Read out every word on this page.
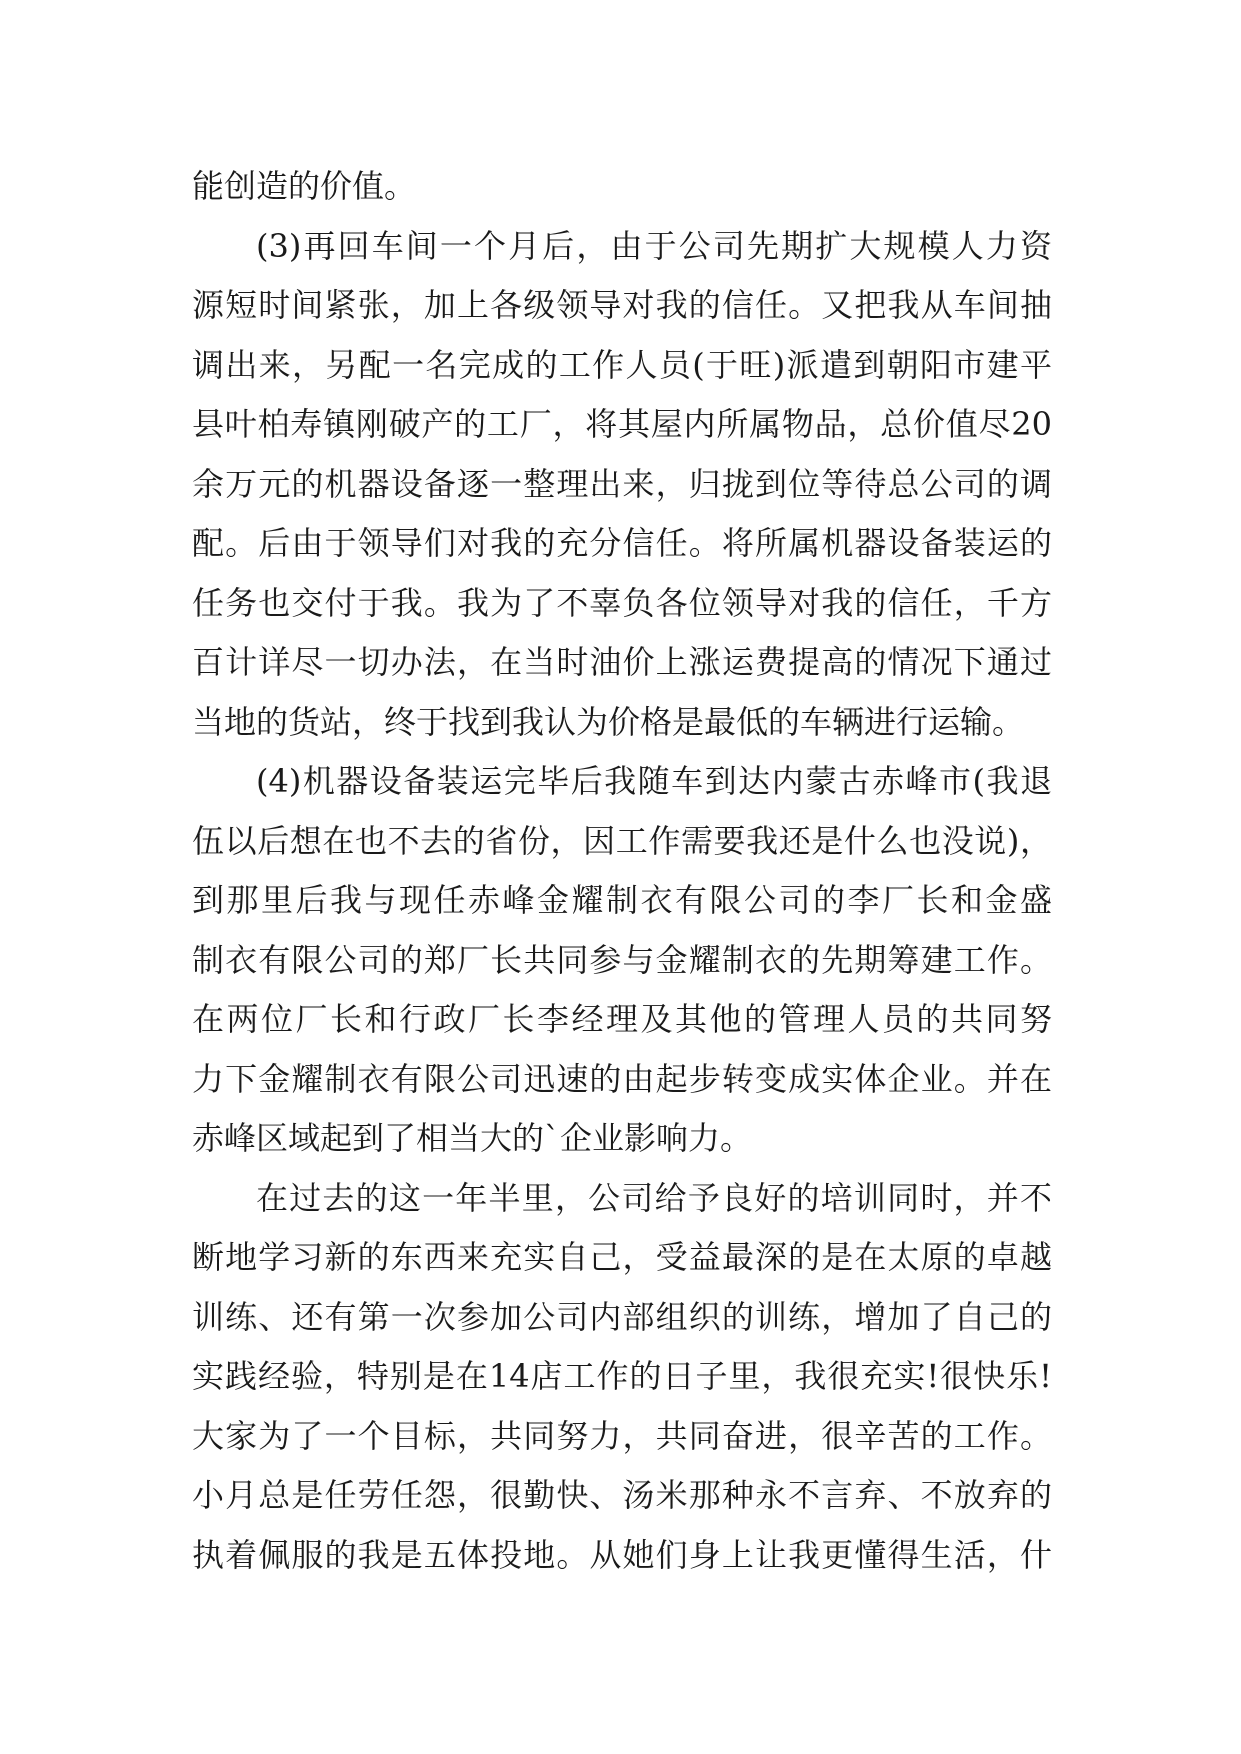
能创造的价值。
(3)再回车间一个月后，由于公司先期扩大规模人力资
源短时间紧张，加上各级领导对我的信任。又把我从车间抽
调出来，另配一名完成的工作人员(于旺)派遣到朝阳市建平
县叶柏寿镇刚破产的工厂，将其屋内所属物品，总价值尽20
余万元的机器设备逐一整理出来，归拢到位等待总公司的调
配。后由于领导们对我的充分信任。将所属机器设备装运的
任务也交付于我。我为了不辜负各位领导对我的信任，千方
百计详尽一切办法，在当时油价上涨运费提高的情况下通过
当地的货站，终于找到我认为价格是最低的车辆进行运输。
(4)机器设备装运完毕后我随车到达内蒙古赤峰市(我退
伍以后想在也不去的省份，因工作需要我还是什么也没说)，
到那里后我与现任赤峰金耀制衣有限公司的李厂长和金盛
制衣有限公司的郑厂长共同参与金耀制衣的先期筹建工作。
在两位厂长和行政厂长李经理及其他的管理人员的共同努
力下金耀制衣有限公司迅速的由起步转变成实体企业。并在
赤峰区域起到了相当大的`企业影响力。
在过去的这一年半里，公司给予良好的培训同时，并不
断地学习新的东西来充实自己，受益最深的是在太原的卓越
训练、还有第一次参加公司内部组织的训练，增加了自己的
实践经验，特别是在14店工作的日子里，我很充实!很快乐!
大家为了一个目标，共同努力，共同奋进，很辛苦的工作。
小月总是任劳任怨，很勤快、汤米那种永不言弃、不放弃的
执着佩服的我是五体投地。从她们身上让我更懂得生活，什
